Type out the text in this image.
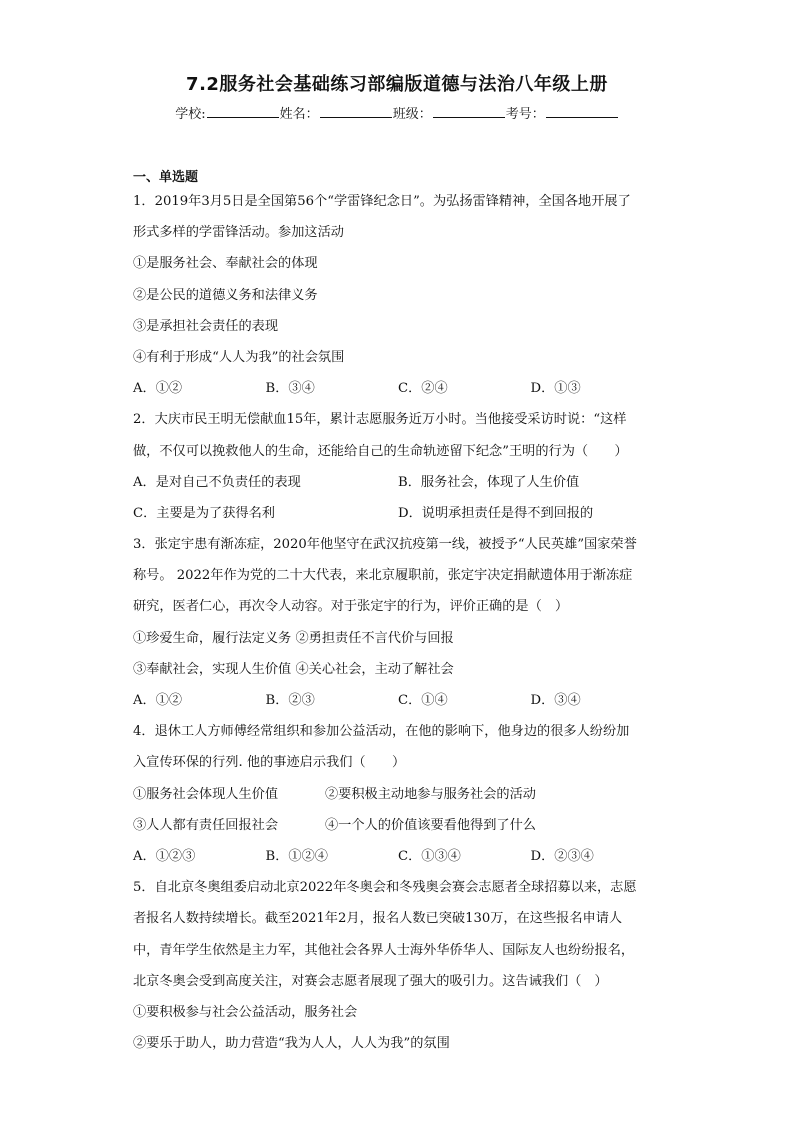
7.2服务社会基础练习部编版道德与法治八年级上册
学校:	姓名：	班级：	考号：
一、单选题
1．2019年3月5日是全国第56个“学雷锋纪念日”。为弘扬雷锋精神，全国各地开展了
形式多样的学雷锋活动。参加这活动
①是服务社会、奉献社会的体现
②是公民的道德义务和法律义务
③是承担社会责任的表现
④有利于形成“人人为我”的社会氛围
A．①②	B．③④	C．②④	D．①③
2．大庆市民王明无偿献血15年，累计志愿服务近万小时。当他接受采访时说：“这样
做，不仅可以挽救他人的生命，还能给自己的生命轨迹留下纪念”王明的行为（　　）
A．是对自己不负责任的表现	B．服务社会，体现了人生价值
C．主要是为了获得名利	D．说明承担责任是得不到回报的
3．张定宇患有渐冻症，2020年他坚守在武汉抗疫第一线，被授予“人民英雄”国家荣誉
称号。 2022年作为党的二十大代表，来北京履职前，张定宇决定捐献遗体用于渐冻症
研究，医者仁心，再次令人动容。对于张定宇的行为，评价正确的是（　）
①珍爱生命，履行法定义务 ②勇担责任不言代价与回报
③奉献社会，实现人生价值 ④关心社会，主动了解社会
A．①②	B．②③	C．①④	D．③④
4．退休工人方师傅经常组织和参加公益活动，在他的影响下，他身边的很多人纷纷加
入宣传环保的行列. 他的事迹启示我们（　　）
①服务社会体现人生价值	②要积极主动地参与服务社会的活动
③人人都有责任回报社会	④一个人的价值该要看他得到了什么
A．①②③	B．①②④	C．①③④	D．②③④
5．自北京冬奥组委启动北京2022年冬奥会和冬残奥会赛会志愿者全球招募以来，志愿
者报名人数持续增长。截至2021年2月，报名人数已突破130万，在这些报名申请人
中，青年学生依然是主力军，其他社会各界人士海外华侨华人、国际友人也纷纷报名，
北京冬奥会受到高度关注，对赛会志愿者展现了强大的吸引力。这告诫我们（　）
①要积极参与社会公益活动，服务社会
②要乐于助人，助力营造“我为人人，人人为我”的氛围
